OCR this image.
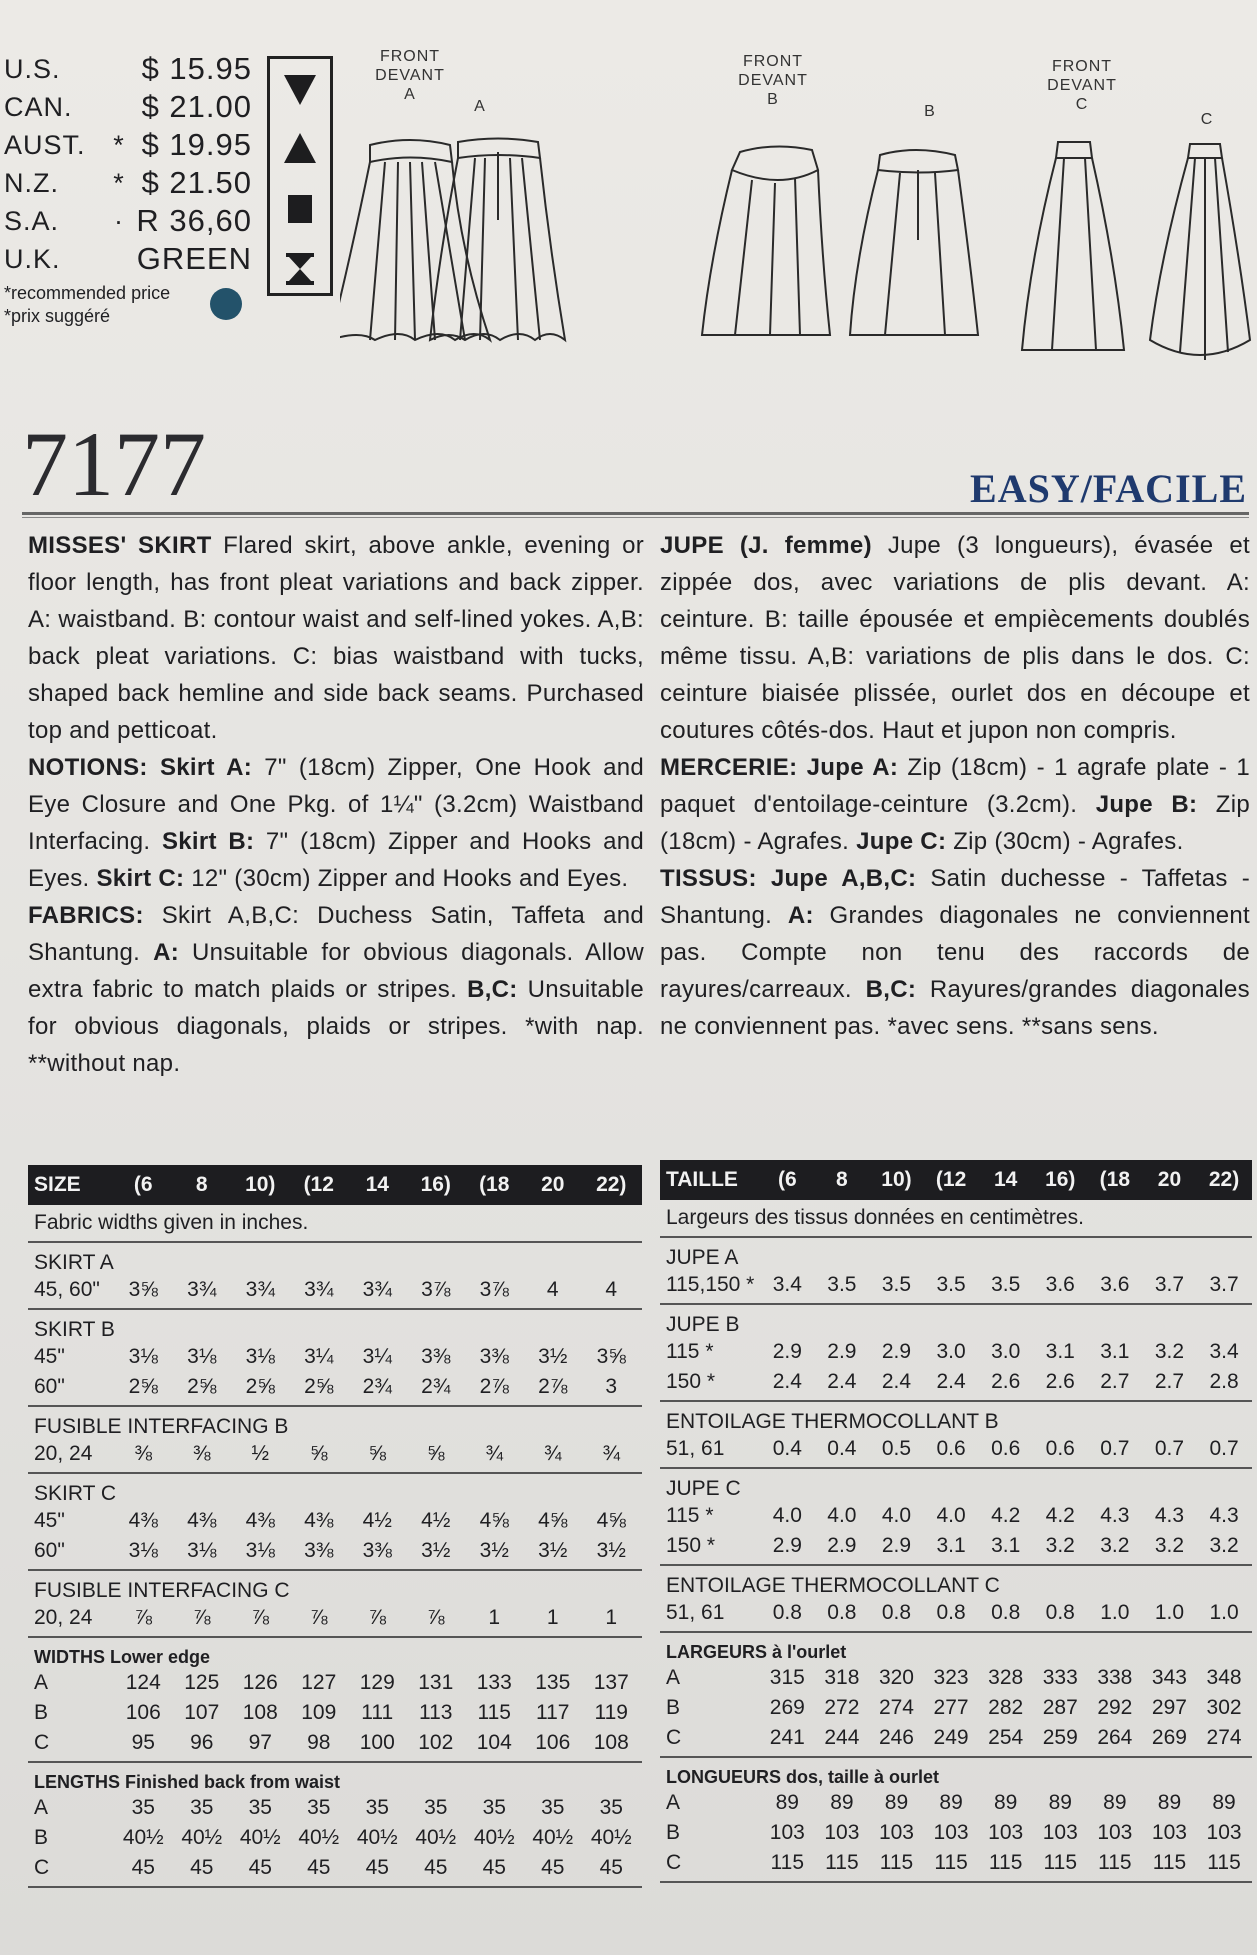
U.S.	$ 15.95
CAN.	$ 21.00
AUST.	* $ 19.95
N.Z.	* $ 21.50
S.A.	· R 36,60
U.K.	GREEN
*recommended price
*prix suggéré
FRONT
DEVANT
A
A
FRONT
DEVANT
B
B
FRONT
DEVANT
C
C
7177	EASY/FACILE

MISSES' SKIRT Flared skirt, above ankle, evening or floor length, has front pleat variations and back zipper. A: waistband. B: contour waist and self-lined yokes. A,B: back pleat variations. C: bias waistband with tucks, shaped back hemline and side back seams. Purchased top and petticoat.

NOTIONS: Skirt A: 7" (18cm) Zipper, One Hook and Eye Closure and One Pkg. of 1¼" (3.2cm) Waistband Interfacing. Skirt B: 7" (18cm) Zipper and Hooks and Eyes. Skirt C: 12" (30cm) Zipper and Hooks and Eyes.

FABRICS: Skirt A,B,C: Duchess Satin, Taffeta and Shantung. A: Unsuitable for obvious diagonals. Allow extra fabric to match plaids or stripes. B,C: Unsuitable for obvious diagonals, plaids or stripes. *with nap. **without nap.

JUPE (J. femme) Jupe (3 longueurs), évasée et zippée dos, avec variations de plis devant. A: ceinture. B: taille épousée et empiècements doublés même tissu. A,B: variations de plis dans le dos. C: ceinture biaisée plissée, ourlet dos en découpe et coutures côtés-dos. Haut et jupon non compris.

MERCERIE: Jupe A: Zip (18cm) - 1 agrafe plate - 1 paquet d'entoilage-ceinture (3.2cm). Jupe B: Zip (18cm) - Agrafes. Jupe C: Zip (30cm) - Agrafes.

TISSUS: Jupe A,B,C: Satin duchesse - Taffetas - Shantung. A: Grandes diagonales ne conviennent pas. Compte non tenu des raccords de rayures/carreaux. B,C: Rayures/grandes diagonales ne conviennent pas. *avec sens. **sans sens.

SIZE	(6	8	10)	(12	14	16)	(18	20	22)
Fabric widths given in inches.
SKIRT A
45, 60"	3⅝	3¾	3¾	3¾	3¾	3⅞	3⅞	4	4
SKIRT B
45"	3⅛	3⅛	3⅛	3¼	3¼	3⅜	3⅜	3½	3⅝
60"	2⅝	2⅝	2⅝	2⅝	2¾	2¾	2⅞	2⅞	3
FUSIBLE INTERFACING B
20, 24	⅜	⅜	½	⅝	⅝	⅝	¾	¾	¾
SKIRT C
45"	4⅜	4⅜	4⅜	4⅜	4½	4½	4⅝	4⅝	4⅝
60"	3⅛	3⅛	3⅛	3⅜	3⅜	3½	3½	3½	3½
FUSIBLE INTERFACING C
20, 24	⅞	⅞	⅞	⅞	⅞	⅞	1	1	1
WIDTHS Lower edge
A	124	125	126	127	129	131	133	135	137
B	106	107	108	109	111	113	115	117	119
C	95	96	97	98	100	102	104	106	108
LENGTHS Finished back from waist
A	35	35	35	35	35	35	35	35	35
B	40½ 40½ 40½ 40½ 40½ 40½ 40½ 40½ 40½
C	45	45	45	45	45	45	45	45	45
TAILLE	(6	8	10)	(12	14	16)	(18	20	22)
Largeurs des tissus données en centimètres.
JUPE A
115,150 * 3.4	3.5	3.5	3.5	3.5	3.6	3.6	3.7	3.7
JUPE B
115 *	2.9	2.9	2.9	3.0	3.0	3.1	3.1	3.2	3.4
150 *	2.4	2.4	2.4	2.4	2.6	2.6	2.7	2.7	2.8
ENTOILAGE THERMOCOLLANT B
51, 61	0.4	0.4	0.5	0.6	0.6	0.6	0.7	0.7	0.7
JUPE C
115 *	4.0	4.0	4.0	4.0	4.2	4.2	4.3	4.3	4.3
150 *	2.9	2.9	2.9	3.1	3.1	3.2	3.2	3.2	3.2
ENTOILAGE THERMOCOLLANT C
51, 61	0.8	0.8	0.8	0.8	0.8	0.8	1.0	1.0	1.0
LARGEURS à l'ourlet
A	315 318 320 323 328 333 338 343 348
B	269 272 274 277 282 287 292 297 302
C	241 244 246 249 254 259 264 269 274
LONGUEURS dos, taille à ourlet
A	89	89	89	89	89	89	89	89	89
B	103 103 103 103 103 103 103 103 103
C	115	115	115	115	115	115	115	115	115
